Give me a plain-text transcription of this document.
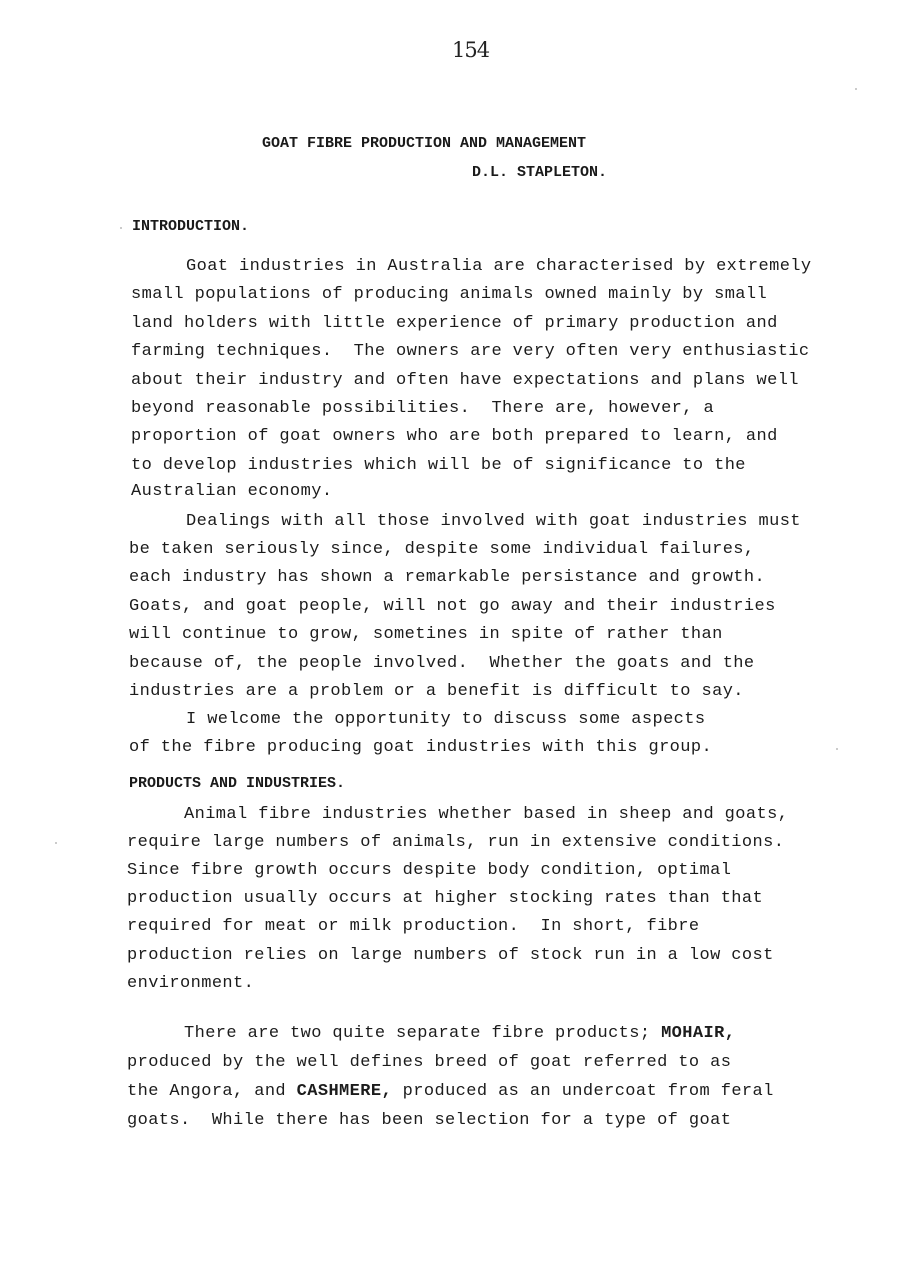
154
GOAT FIBRE PRODUCTION AND MANAGEMENT
D.L. STAPLETON.
INTRODUCTION.
Goat industries in Australia are characterised by extremely
small populations of producing animals owned mainly by small
land holders with little experience of primary production and
farming techniques.  The owners are very often very enthusiastic
about their industry and often have expectations and plans well
beyond reasonable possibilities.  There are, however, a
proportion of goat owners who are both prepared to learn, and
to develop industries which will be of significance to the
Australian economy.
Dealings with all those involved with goat industries must
be taken seriously since, despite some individual failures,
each industry has shown a remarkable persistance and growth.
Goats, and goat people, will not go away and their industries
will continue to grow, sometines in spite of rather than
because of, the people involved.  Whether the goats and the
industries are a problem or a benefit is difficult to say.
I welcome the opportunity to discuss some aspects
of the fibre producing goat industries with this group.
PRODUCTS AND INDUSTRIES.
Animal fibre industries whether based in sheep and goats,
require large numbers of animals, run in extensive conditions.
Since fibre growth occurs despite body condition, optimal
production usually occurs at higher stocking rates than that
required for meat or milk production.  In short, fibre
production relies on large numbers of stock run in a low cost
environment.
There are two quite separate fibre products; MOHAIR,
produced by the well defines breed of goat referred to as
the Angora, and CASHMERE, produced as an undercoat from feral
goats.  While there has been selection for a type of goat
